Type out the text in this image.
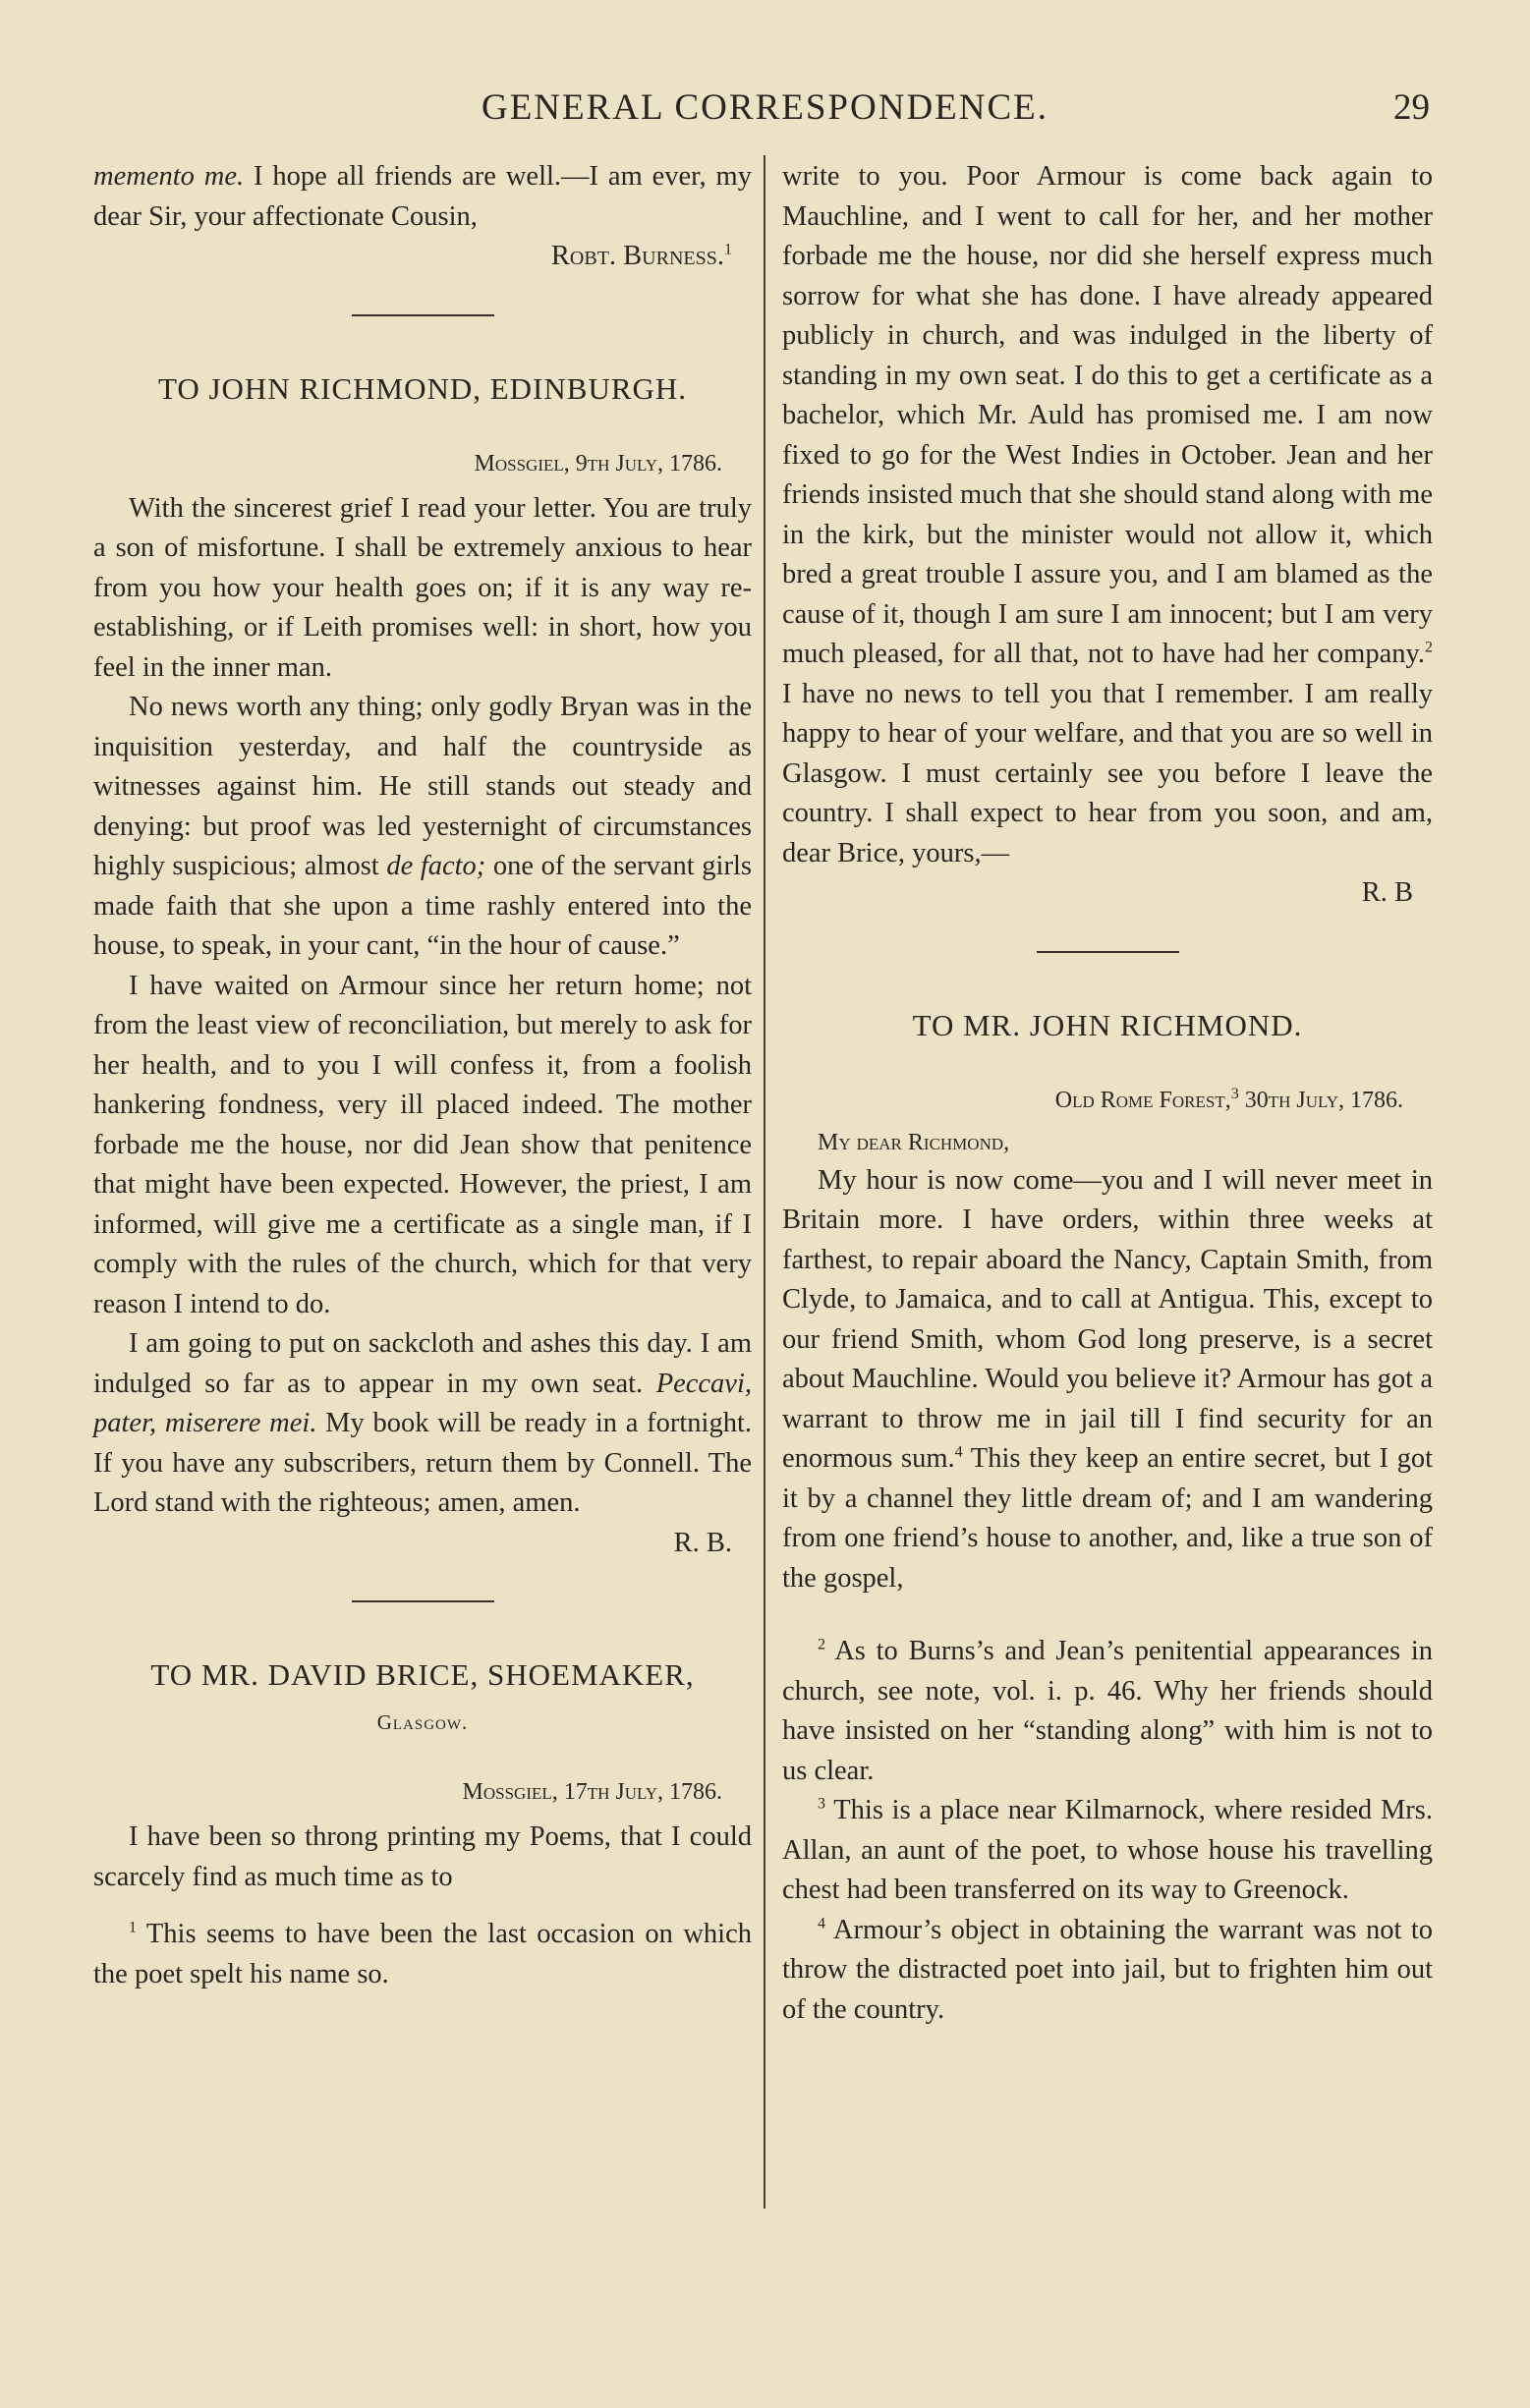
GENERAL CORRESPONDENCE.	29

memento me. I hope all friends are well.—I am ever, my dear Sir, your affectionate Cousin,

Robt. Burness.$^1$
TO JOHN RICHMOND, EDINBURGH.
Mossgiel, 9th July, 1786.

With the sincerest grief I read your letter. You are truly a son of misfortune. I shall be extremely anxious to hear from you how your health goes on; if it is any way re-establishing, or if Leith promises well: in short, how you feel in the inner man.

No news worth any thing; only godly Bryan was in the inquisition yesterday, and half the countryside as witnesses against him. He still stands out steady and denying: but proof was led yesternight of circumstances highly suspicious; almost de facto; one of the servant girls made faith that she upon a time rashly entered into the house, to speak, in your cant, “in the hour of cause.”

I have waited on Armour since her return home; not from the least view of reconciliation, but merely to ask for her health, and to you I will confess it, from a foolish hankering fondness, very ill placed indeed. The mother forbade me the house, nor did Jean show that penitence that might have been expected. However, the priest, I am informed, will give me a certificate as a single man, if I comply with the rules of the church, which for that very reason I intend to do.

I am going to put on sackcloth and ashes this day. I am indulged so far as to appear in my own seat. Peccavi, pater, miserere mei. My book will be ready in a fortnight. If you have any subscribers, return them by Connell. The Lord stand with the righteous; amen, amen.

R. B.
TO MR. DAVID BRICE, SHOEMAKER,
Glasgow.
Mossgiel, 17th July, 1786.

I have been so throng printing my Poems, that I could scarcely find as much time as to

$^1$ This seems to have been the last occasion on which the poet spelt his name so.

write to you. Poor Armour is come back again to Mauchline, and I went to call for her, and her mother forbade me the house, nor did she herself express much sorrow for what she has done. I have already appeared publicly in church, and was indulged in the liberty of standing in my own seat. I do this to get a certificate as a bachelor, which Mr. Auld has promised me. I am now fixed to go for the West Indies in October. Jean and her friends insisted much that she should stand along with me in the kirk, but the minister would not allow it, which bred a great trouble I assure you, and I am blamed as the cause of it, though I am sure I am innocent; but I am very much pleased, for all that, not to have had her company.$^2$ I have no news to tell you that I remember. I am really happy to hear of your welfare, and that you are so well in Glasgow. I must certainly see you before I leave the country. I shall expect to hear from you soon, and am, dear Brice, yours,—

R. B
TO MR. JOHN RICHMOND.
Old Rome Forest,$^3$ 30th July, 1786.
My dear Richmond,

My hour is now come—you and I will never meet in Britain more. I have orders, within three weeks at farthest, to repair aboard the Nancy, Captain Smith, from Clyde, to Jamaica, and to call at Antigua. This, except to our friend Smith, whom God long preserve, is a secret about Mauchline. Would you believe it? Armour has got a warrant to throw me in jail till I find security for an enormous sum.$^4$ This they keep an entire secret, but I got it by a channel they little dream of; and I am wandering from one friend’s house to another, and, like a true son of the gospel,

$^2$ As to Burns’s and Jean’s penitential appearances in church, see note, vol. i. p. 46. Why her friends should have insisted on her “standing along” with him is not to us clear.

$^3$ This is a place near Kilmarnock, where resided Mrs. Allan, an aunt of the poet, to whose house his travelling chest had been transferred on its way to Greenock.

$^4$ Armour’s object in obtaining the warrant was not to throw the distracted poet into jail, but to frighten him out of the country.
